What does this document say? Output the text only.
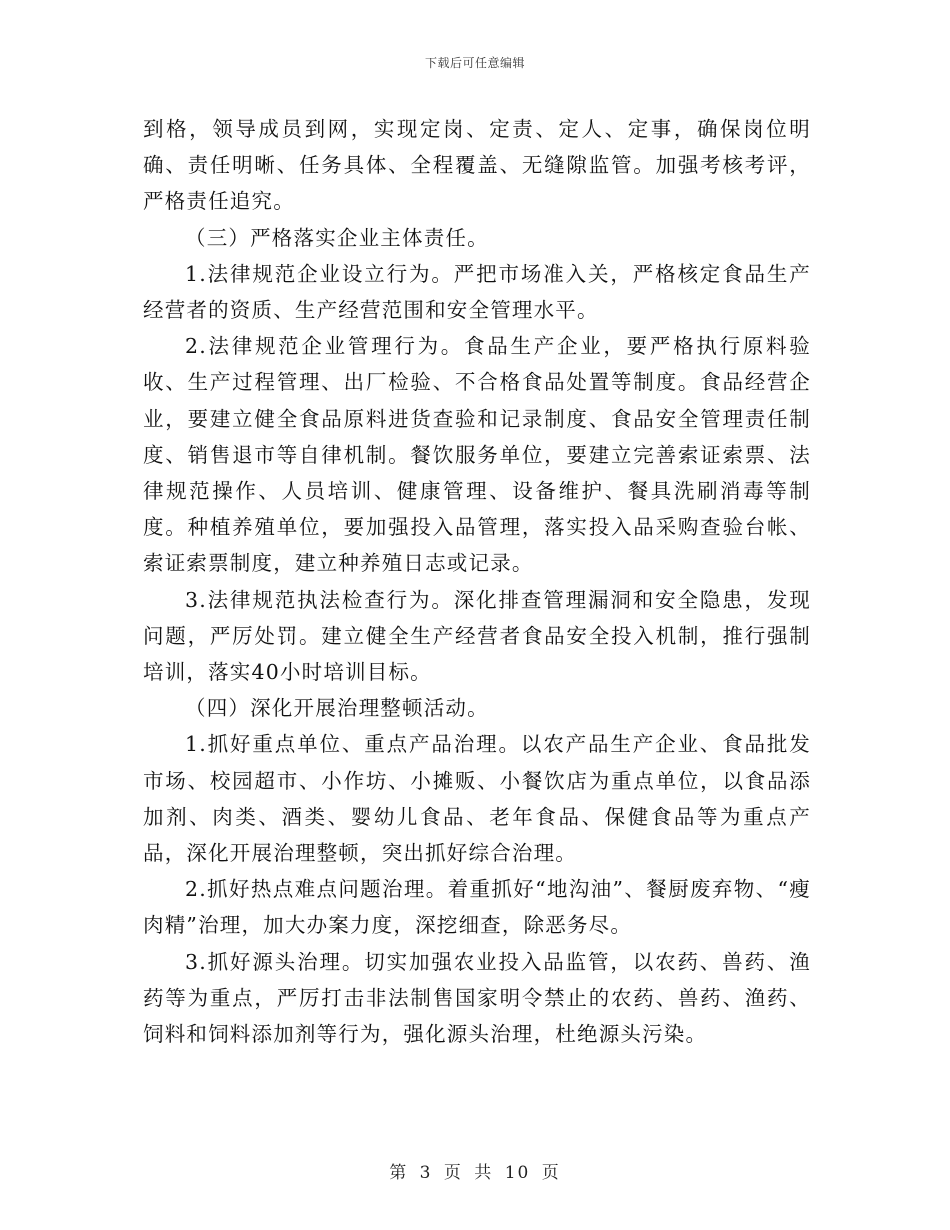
下载后可任意编辑

到格，领导成员到网，实现定岗、定责、定人、定事，确保岗位明确、责任明晰、任务具体、全程覆盖、无缝隙监管。加强考核考评，严格责任追究。

（三）严格落实企业主体责任。

1.法律规范企业设立行为。严把市场准入关，严格核定食品生产经营者的资质、生产经营范围和安全管理水平。

2.法律规范企业管理行为。食品生产企业，要严格执行原料验收、生产过程管理、出厂检验、不合格食品处置等制度。食品经营企业，要建立健全食品原料进货查验和记录制度、食品安全管理责任制度、销售退市等自律机制。餐饮服务单位，要建立完善索证索票、法律规范操作、人员培训、健康管理、设备维护、餐具洗刷消毒等制度。种植养殖单位，要加强投入品管理，落实投入品采购查验台帐、索证索票制度，建立种养殖日志或记录。

3.法律规范执法检查行为。深化排查管理漏洞和安全隐患，发现问题，严厉处罚。建立健全生产经营者食品安全投入机制，推行强制培训，落实40小时培训目标。

（四）深化开展治理整顿活动。

1.抓好重点单位、重点产品治理。以农产品生产企业、食品批发市场、校园超市、小作坊、小摊贩、小餐饮店为重点单位，以食品添加剂、肉类、酒类、婴幼儿食品、老年食品、保健食品等为重点产品，深化开展治理整顿，突出抓好综合治理。

2.抓好热点难点问题治理。着重抓好“地沟油”、餐厨废弃物、“瘦肉精”治理，加大办案力度，深挖细查，除恶务尽。

3.抓好源头治理。切实加强农业投入品监管，以农药、兽药、渔药等为重点，严厉打击非法制售国家明令禁止的农药、兽药、渔药、饲料和饲料添加剂等行为，强化源头治理，杜绝源头污染。

第 3 页 共 10 页
